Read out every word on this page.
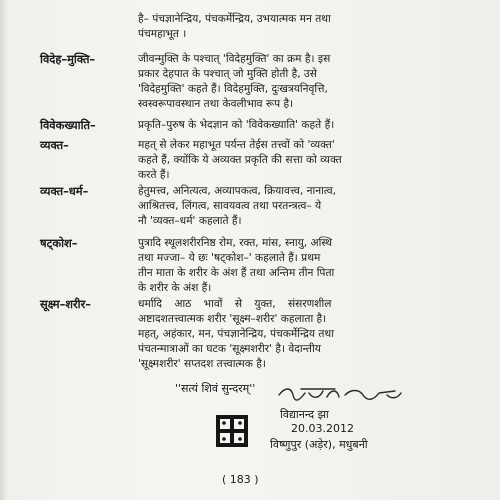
है– पंचज्ञानेन्द्रिय, पंचकर्मेन्द्रिय, उभयात्मक मन तथा
पंचमहाभूत ।
विदेह–मुक्ति–	जीवन्मुक्ति के पश्चात् 'विदेहमुक्ति' का क्रम है। इस
प्रकार देहपात के पश्चात् जो मुक्ति होती है, उसे
'विदेहमुक्ति' कहते हैं। विदेहमुक्ति, दुःखत्रयनिवृत्ति,
स्वस्वरूपावस्थान तथा केवलीभाव रूप है।
विवेकख्याति–	प्रकृति–पुरुष के भेदज्ञान को 'विवेकख्याति' कहते हैं।
व्यक्त–	महत् से लेकर महाभूत पर्यन्त तेईस तत्त्वों को 'व्यक्त'
कहते हैं, क्योंकि ये अव्यक्त प्रकृति की सत्ता को व्यक्त
करते हैं।
व्यक्त–धर्म–	हेतुमत्त्व, अनित्यत्व, अव्यापकत्व, क्रियावत्त्व, नानात्व,
आश्रितत्त्व, लिंगत्व, सावयवत्व तथा परतन्त्रत्व– ये
नौ 'व्यक्त–धर्म' कहलाते हैं।
षट्कोश–	पुत्रादि स्थूलशरीरनिष्ठ रोम, रक्त, मांस, स्नायु, अस्थि
तथा मज्जा– ये छः 'षट्कोश–' कहलाते हैं। प्रथम
तीन माता के शरीर के अंश हैं तथा अन्तिम तीन पिता
के शरीर के अंश हैं।
सूक्ष्म–शरीर–	धर्मादि आठ भावों से युक्त, संसरणशील
अष्टादशतत्त्वात्मक शरीर 'सूक्ष्म–शरीर' कहलाता है।
महत्, अहंकार, मन, पंचज्ञानेन्द्रिय, पंचकर्मेन्द्रिय तथा
पंचतन्मात्राओं का घटक 'सूक्ष्मशरीर' है। वेदान्तीय
'सूक्ष्मशरीर' सप्तदश तत्त्वात्मक है।
''सत्यं शिवं सुन्दरम्''
विद्यानन्द झा
20.03.2012
विष्णुपुर (अड़ेर), मधुबनी
( 183 )
